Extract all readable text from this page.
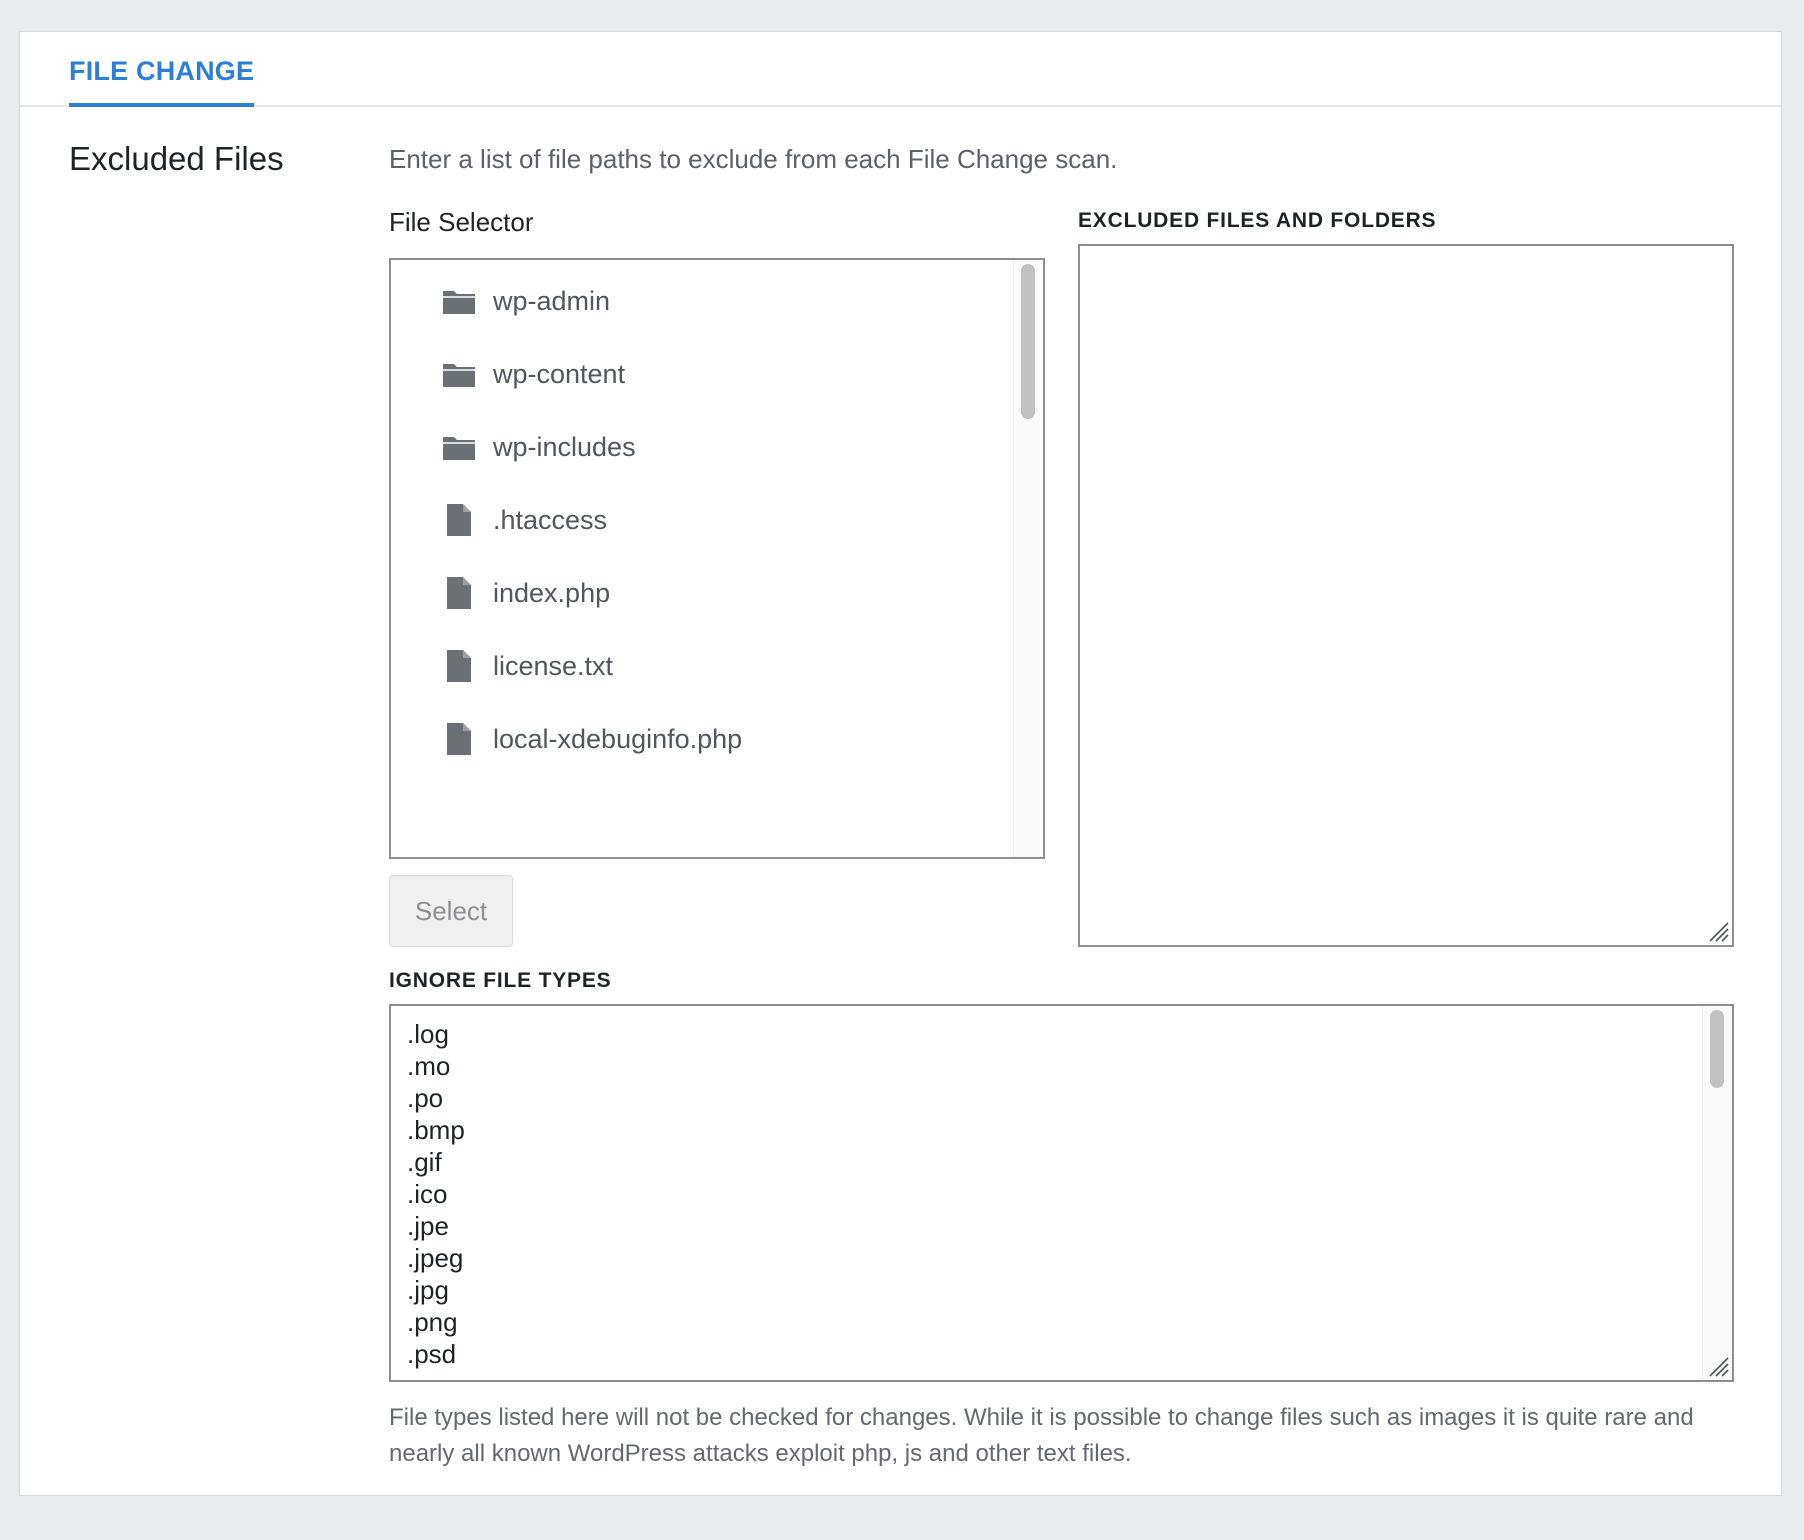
FILE CHANGE
Excluded Files	Enter a list of file paths to exclude from each File Change scan.
File Selector
wp-admin
wp-content
wp-includes
.htaccess
index.php
license.txt
local-xdebuginfo.php
Select
EXCLUDED FILES AND FOLDERS
IGNORE FILE TYPES
.log
.mo
.po
.bmp
.gif
.ico
.jpe
.jpeg
.jpg
.png
.psd
File types listed here will not be checked for changes. While it is possible to change files such as images it is quite rare and nearly all known WordPress attacks exploit php, js and other text files.
